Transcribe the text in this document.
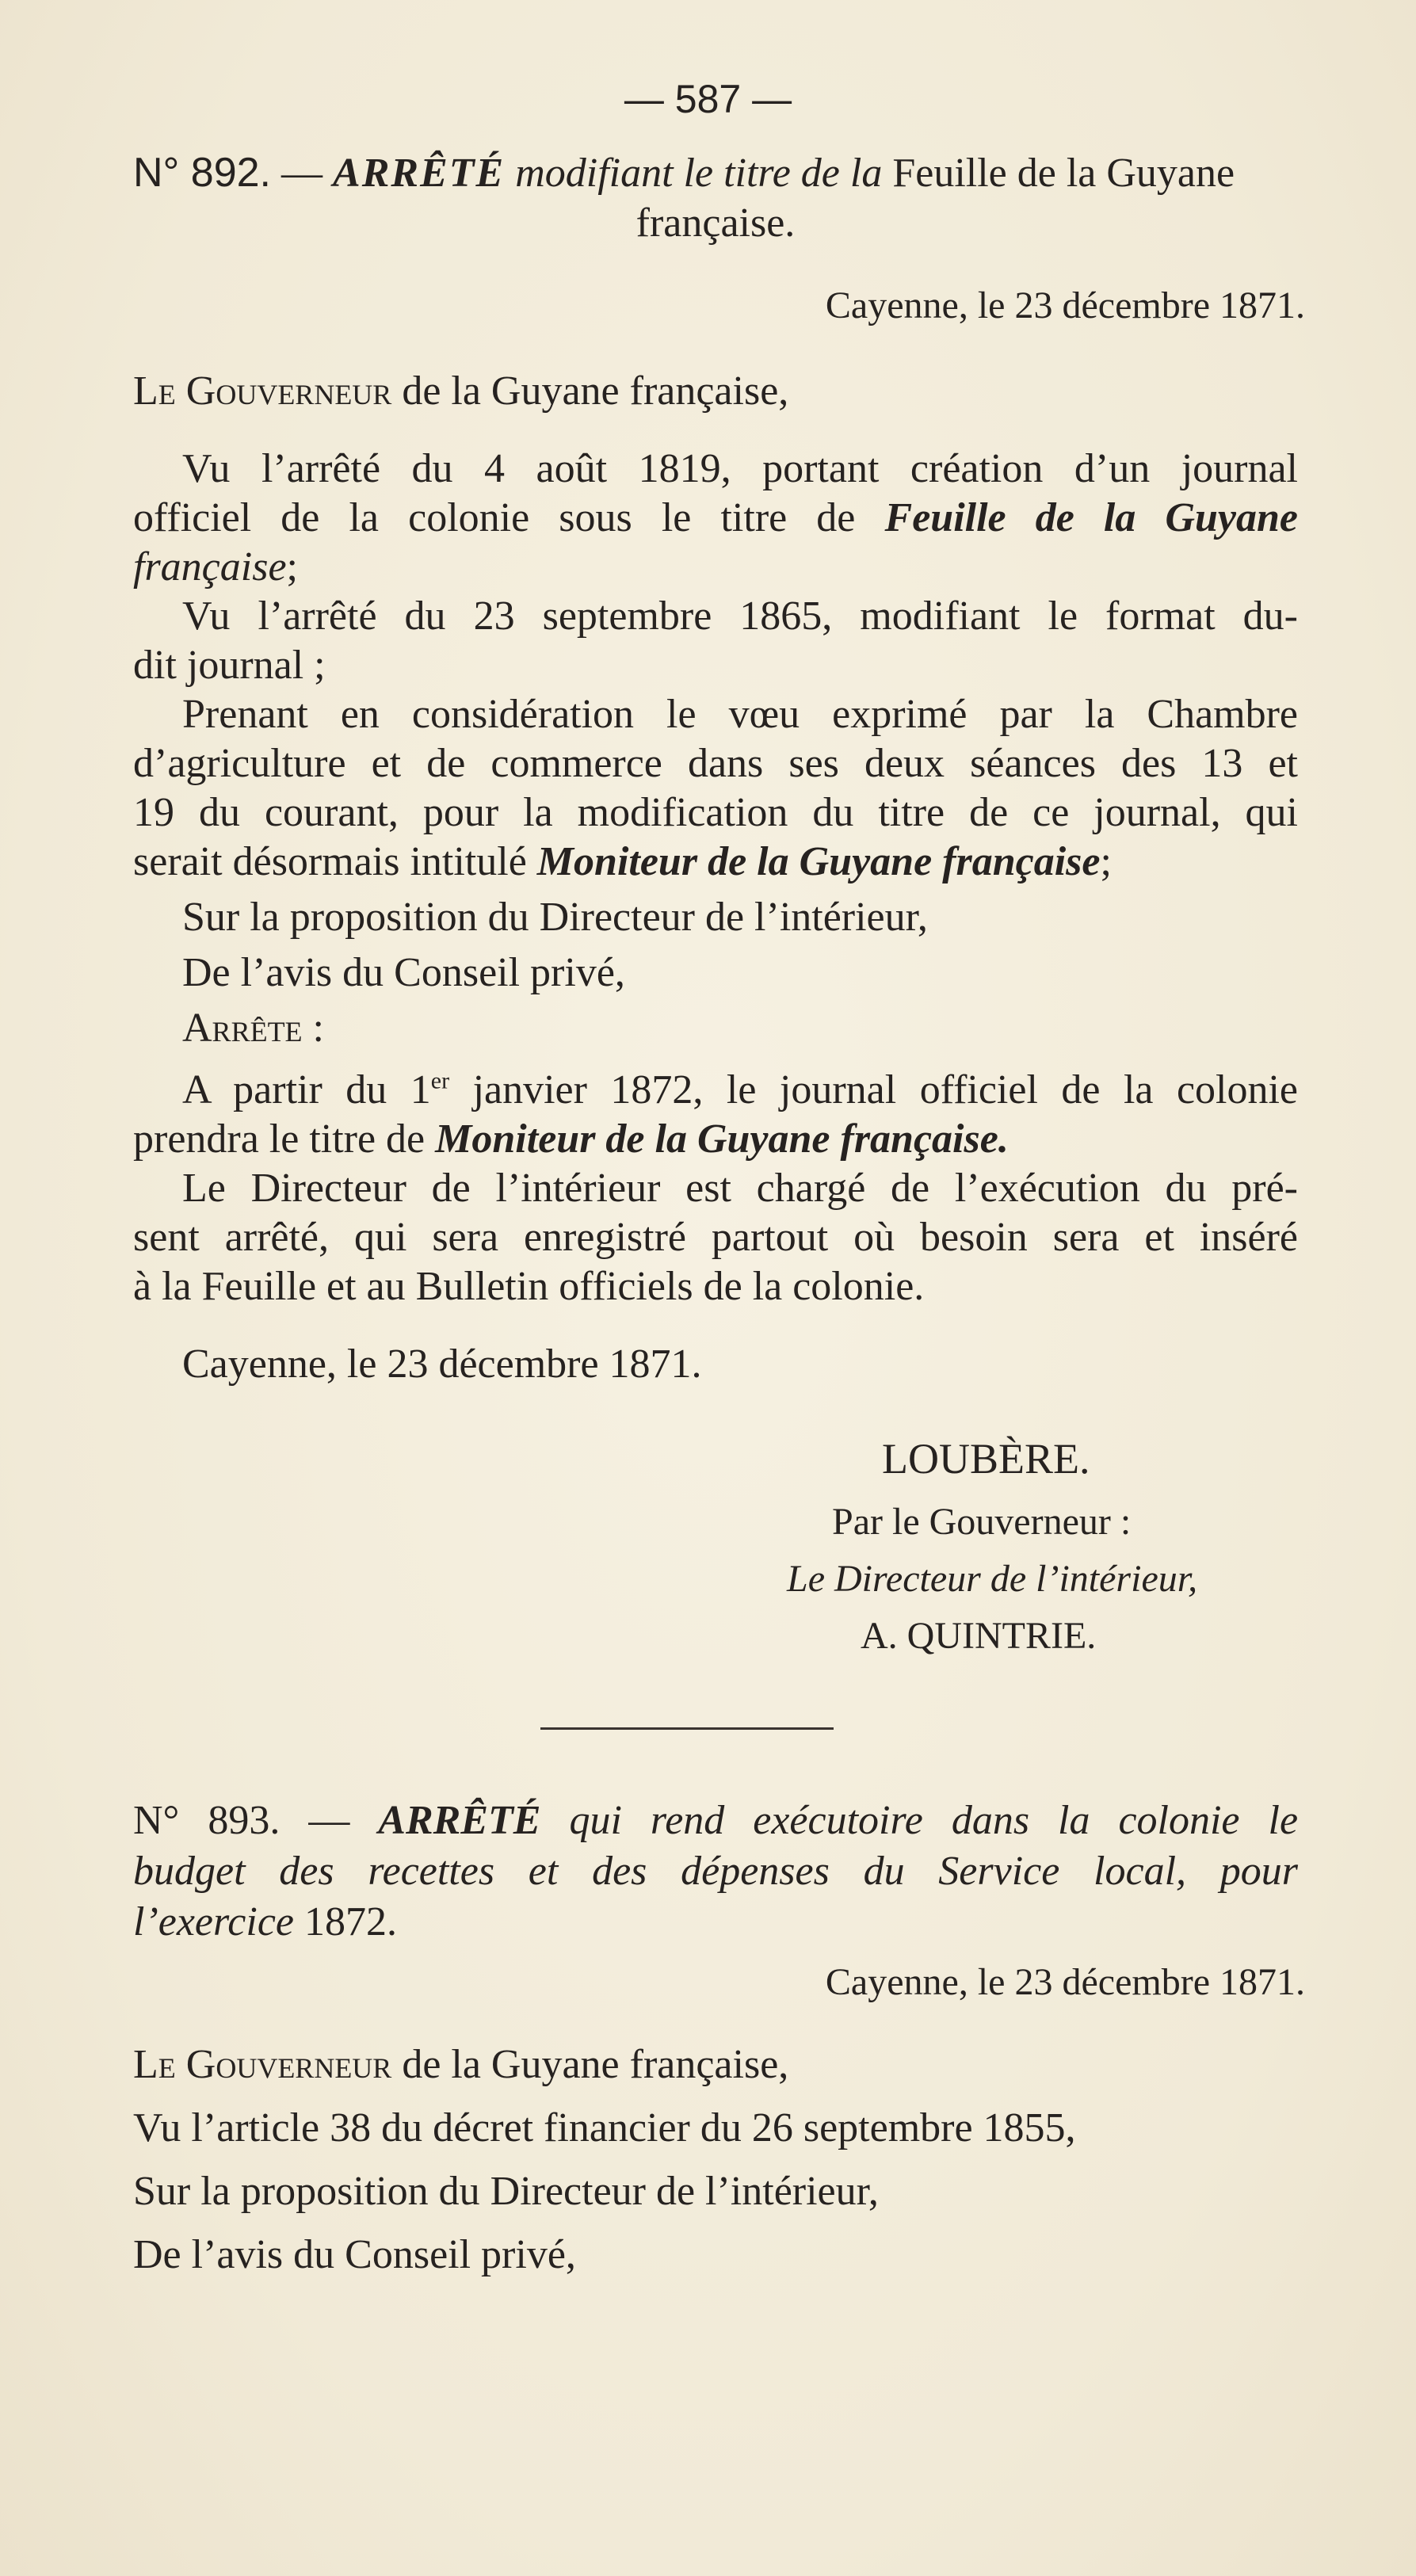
— 587 —
N° 892. — ARRÊTÉ modifiant le titre de la Feuille de la Guyane
française.
Cayenne, le 23 décembre 1871.
Le Gouverneur de la Guyane française,
Vu l’arrêté du 4 août 1819, portant création d’un journal
officiel de la colonie sous le titre de Feuille de la Guyane
française;
Vu l’arrêté du 23 septembre 1865, modifiant le format du-
dit journal ;
Prenant en considération le vœu exprimé par la Chambre
d’agriculture et de commerce dans ses deux séances des 13 et
19 du courant, pour la modification du titre de ce journal, qui
serait désormais intitulé Moniteur de la Guyane française;
Sur la proposition du Directeur de l’intérieur,
De l’avis du Conseil privé,
Arrête :
A partir du 1er janvier 1872, le journal officiel de la colonie
prendra le titre de Moniteur de la Guyane française.
Le Directeur de l’intérieur est chargé de l’exécution du pré-
sent arrêté, qui sera enregistré partout où besoin sera et inséré
à la Feuille et au Bulletin officiels de la colonie.
Cayenne, le 23 décembre 1871.
LOUBÈRE.
Par le Gouverneur :
Le Directeur de l’intérieur,
A. QUINTRIE.
N° 893. — ARRÊTÉ qui rend exécutoire dans la colonie le
budget des recettes et des dépenses du Service local, pour
l’exercice 1872.
Cayenne, le 23 décembre 1871.
Le Gouverneur de la Guyane française,
Vu l’article 38 du décret financier du 26 septembre 1855,
Sur la proposition du Directeur de l’intérieur,
De l’avis du Conseil privé,
